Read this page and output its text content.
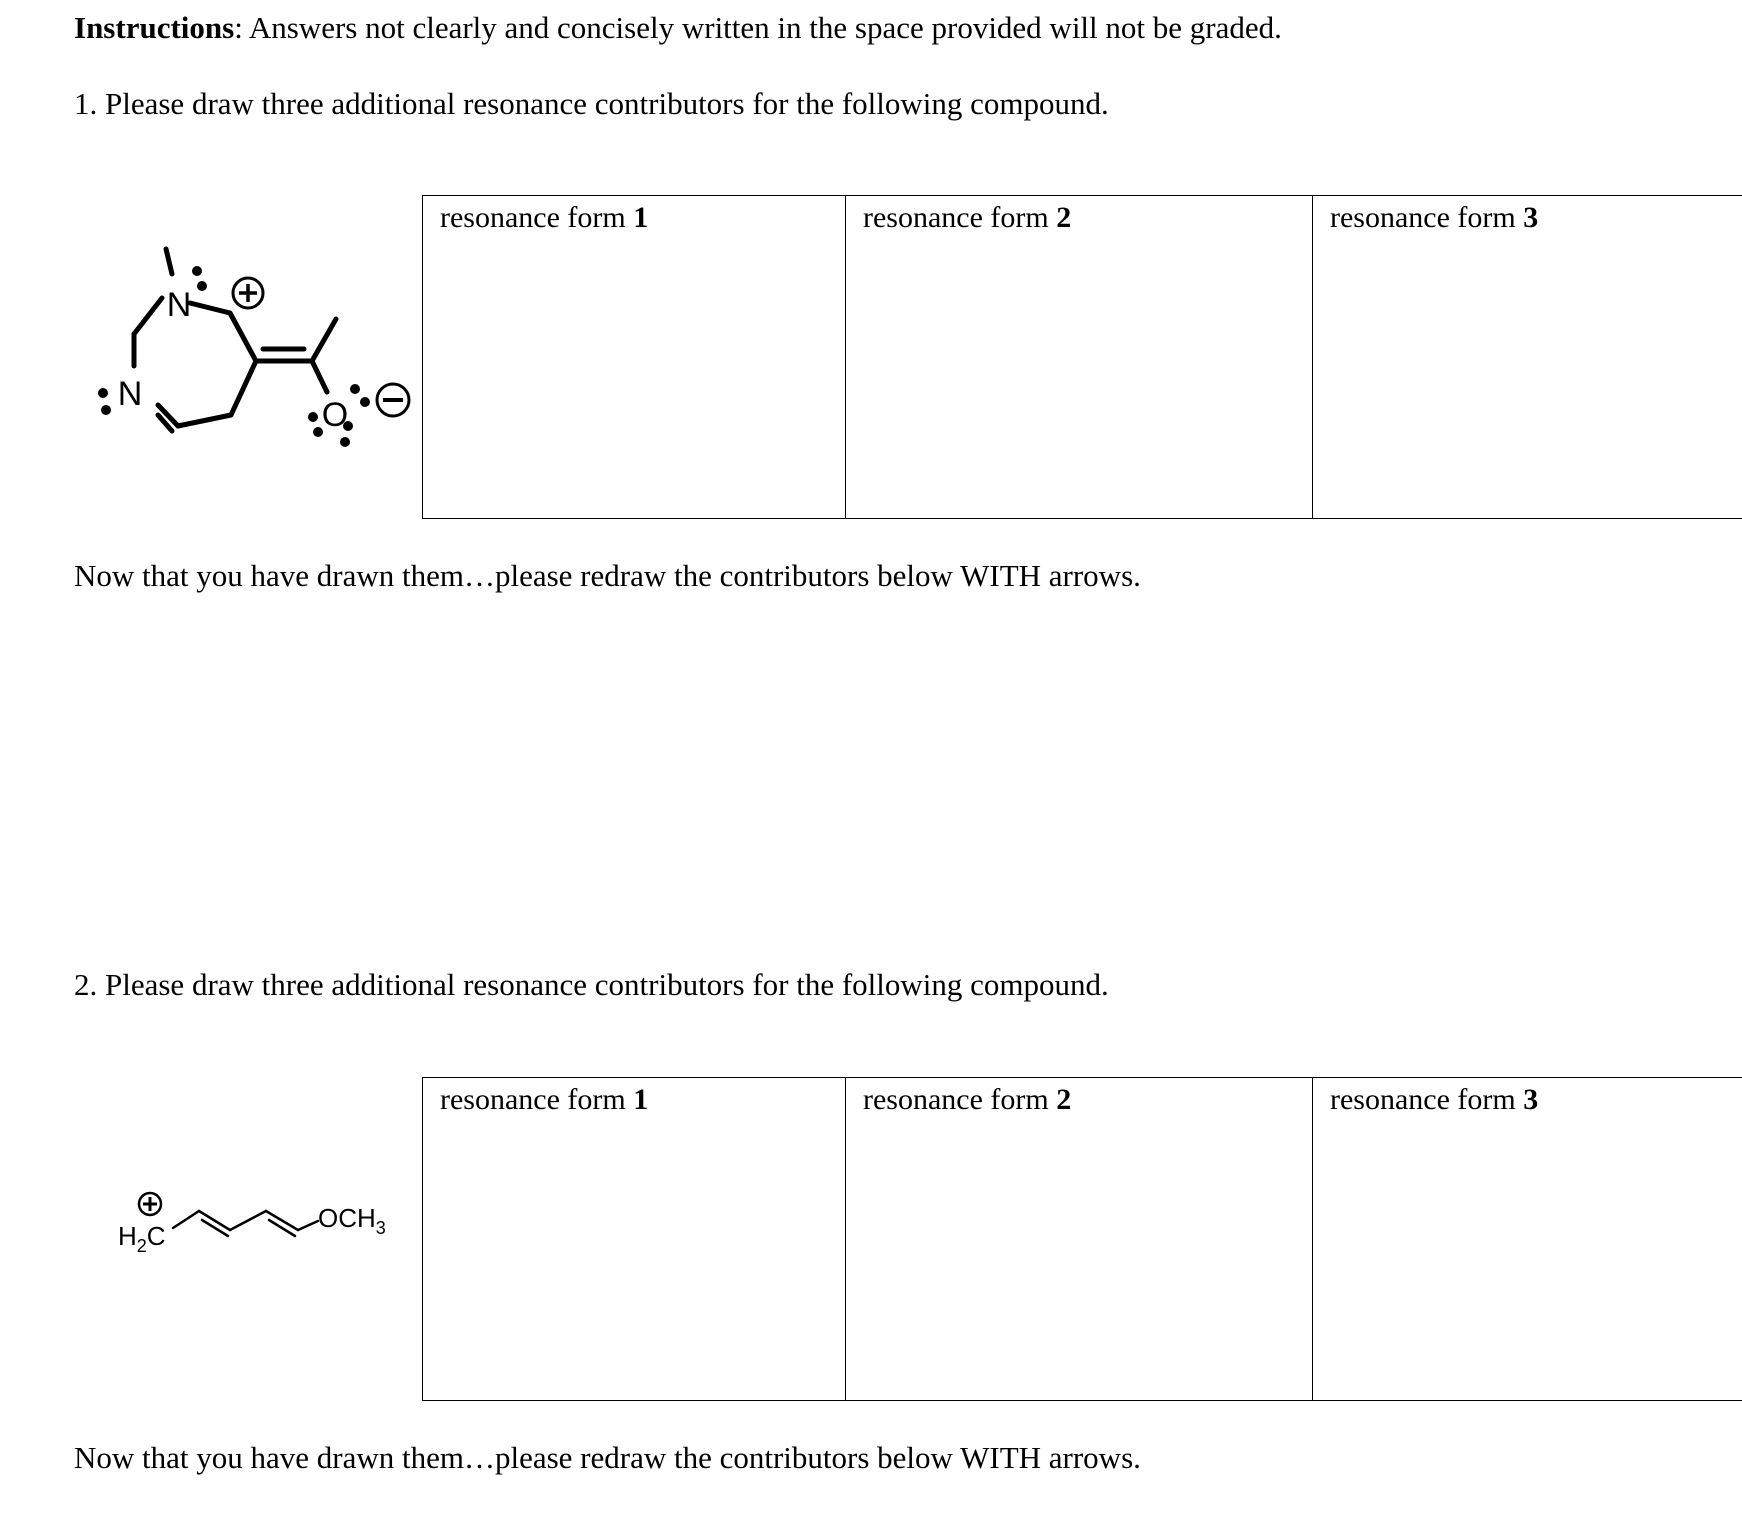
Instructions: Answers not clearly and concisely written in the space provided will not be graded.
1. Please draw three additional resonance contributors for the following compound.
N
N
O
resonance form 1	resonance form 2	resonance form 3
Now that you have drawn them…please redraw the contributors below WITH arrows.
2. Please draw three additional resonance contributors for the following compound.
$H_2C$
$OCH_3$
resonance form 1	resonance form 2	resonance form 3
Now that you have drawn them…please redraw the contributors below WITH arrows.
